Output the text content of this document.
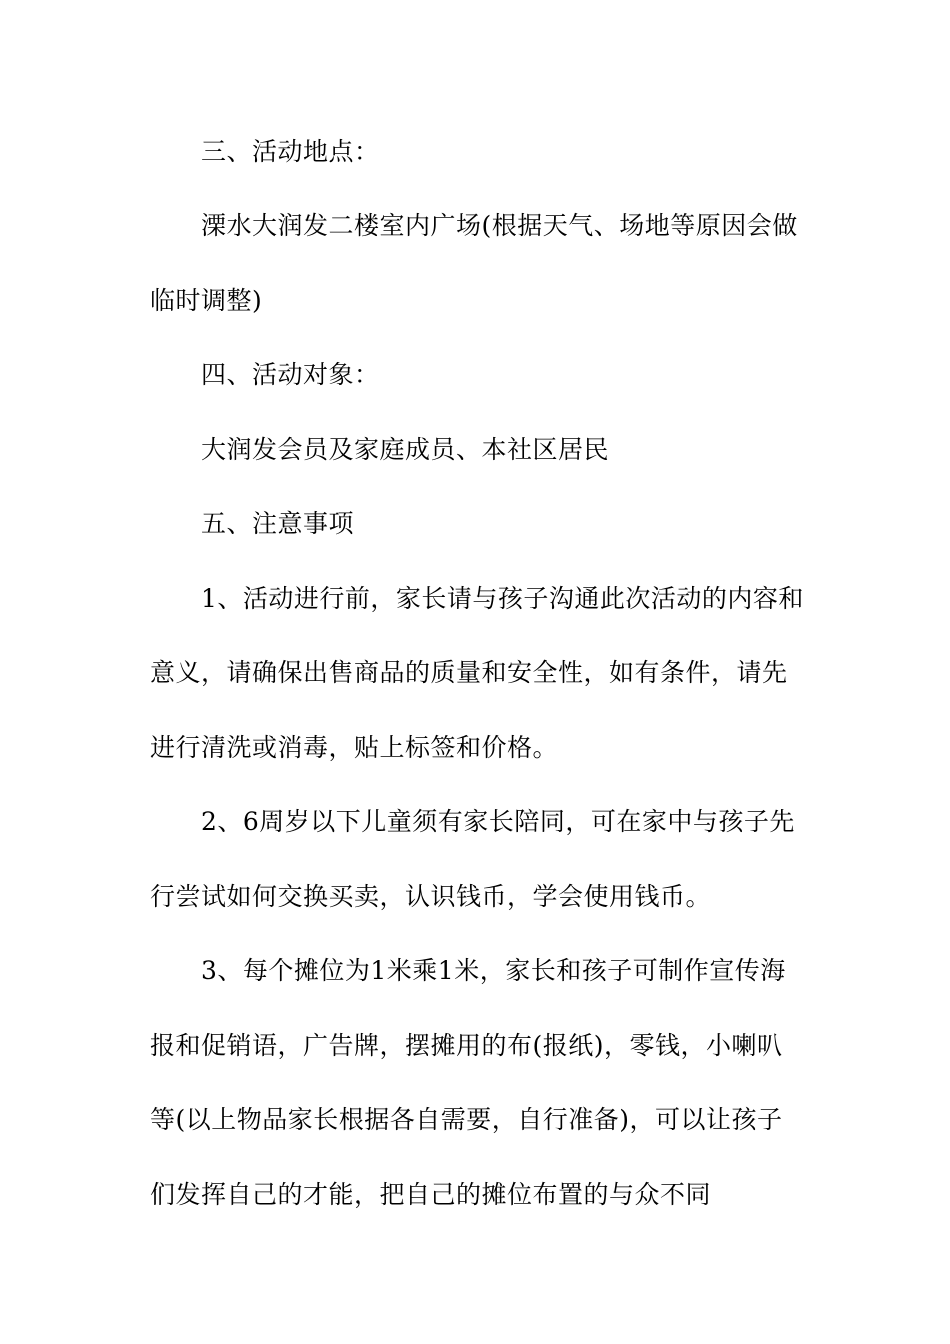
三、活动地点：
溧水大润发二楼室内广场(根据天气、场地等原因会做
临时调整)
四、活动对象：
大润发会员及家庭成员、本社区居民
五、注意事项
1、活动进行前，家长请与孩子沟通此次活动的内容和
意义，请确保出售商品的质量和安全性，如有条件，请先
进行清洗或消毒，贴上标签和价格。
2、6周岁以下儿童须有家长陪同，可在家中与孩子先
行尝试如何交换买卖，认识钱币，学会使用钱币。
3、每个摊位为1米乘1米，家长和孩子可制作宣传海
报和促销语，广告牌，摆摊用的布(报纸)，零钱，小喇叭
等(以上物品家长根据各自需要，自行准备)，可以让孩子
们发挥自己的才能，把自己的摊位布置的与众不同
